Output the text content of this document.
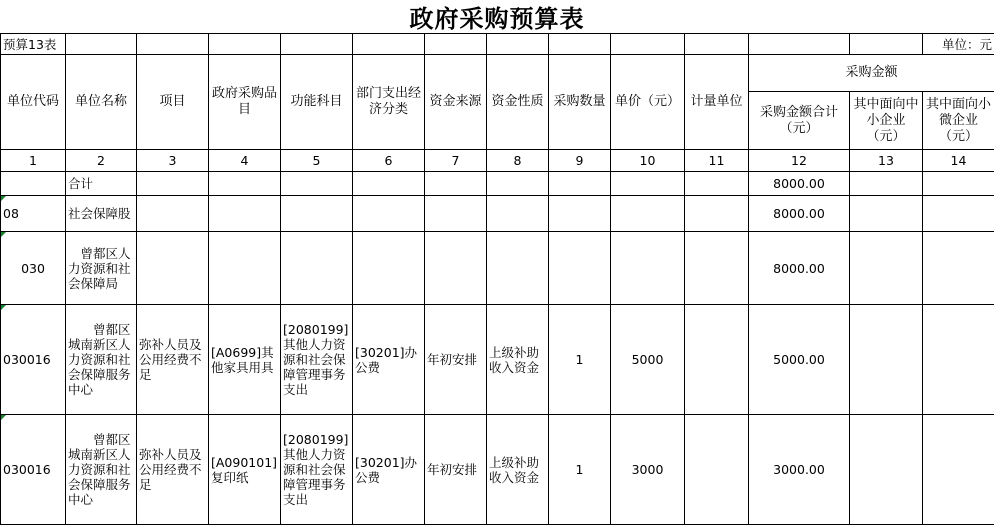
政府采购预算表
预算13表													单位：元
单位代码	单位名称	项目	政府采购品目	功能科目	部门支出经济分类	资金来源	资金性质	采购数量	单价（元）	计量单位	采购金额		
											采购金额合计（元）	其中面向中小企业（元）	其中面向小微企业（元）
1	2	3	4	5	6	7	8	9	10	11	12	13	14
	合计										8000.00		
08	社会保障股										8000.00		
030	曾都区人力资源和社会保障局										8000.00		
030016	曾都区城南新区人力资源和社会保障服务中心	弥补人员及公用经费不足	[A0699]其他家具用具	[2080199]其他人力资源和社会保障管理事务支出	[30201]办公费	年初安排	上级补助收入资金	1	5000		5000.00		
030016	曾都区城南新区人力资源和社会保障服务中心	弥补人员及公用经费不足	[A090101]复印纸	[2080199]其他人力资源和社会保障管理事务支出	[30201]办公费	年初安排	上级补助收入资金	1	3000		3000.00		
